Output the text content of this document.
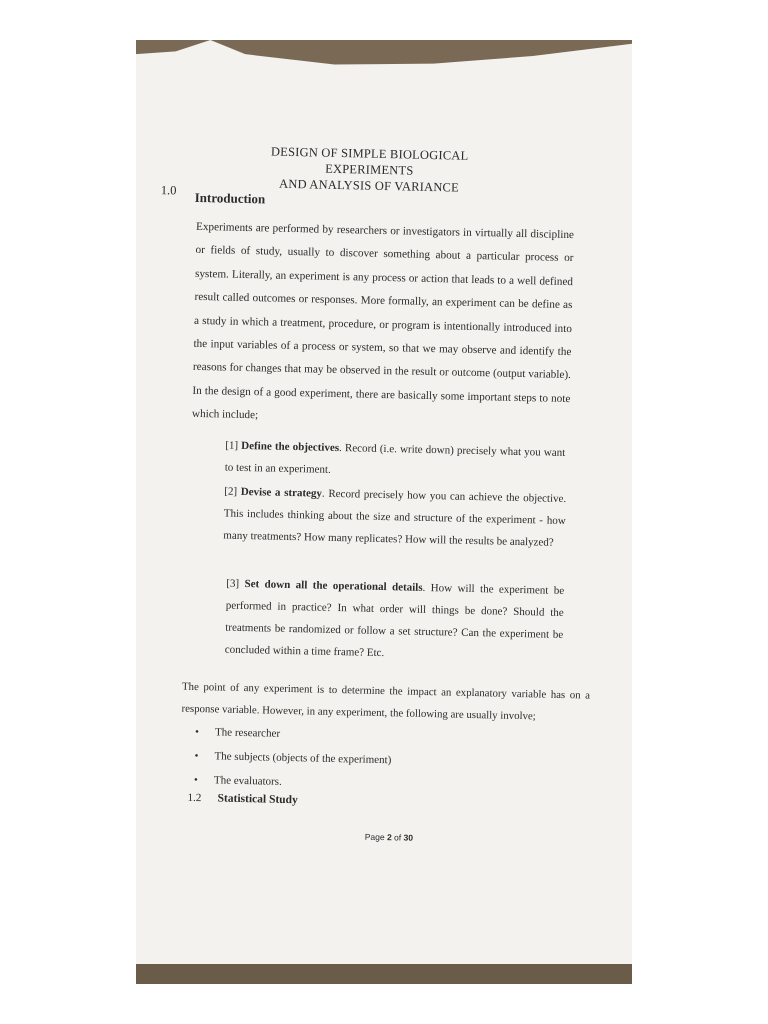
DESIGN OF SIMPLE BIOLOGICAL EXPERIMENTS
AND ANALYSIS OF VARIANCE
1.0 Introduction
Experiments are performed by researchers or investigators in virtually all discipline or fields of study, usually to discover something about a particular process or system. Literally, an experiment is any process or action that leads to a well defined result called outcomes or responses. More formally, an experiment can be define as a study in which a treatment, procedure, or program is intentionally introduced into the input variables of a process or system, so that we may observe and identify the reasons for changes that may be observed in the result or outcome (output variable). In the design of a good experiment, there are basically some important steps to note which include;
[1] Define the objectives. Record (i.e. write down) precisely what you want to test in an experiment.
[2] Devise a strategy. Record precisely how you can achieve the objective. This includes thinking about the size and structure of the experiment - how many treatments? How many replicates? How will the results be analyzed?
[3] Set down all the operational details. How will the experiment be performed in practice? In what order will things be done? Should the treatments be randomized or follow a set structure? Can the experiment be concluded within a time frame? Etc.
The point of any experiment is to determine the impact an explanatory variable has on a response variable. However, in any experiment, the following are usually involve;
• The researcher
• The subjects (objects of the experiment)
• The evaluators.
1.2 Statistical Study
Page 2 of 30
